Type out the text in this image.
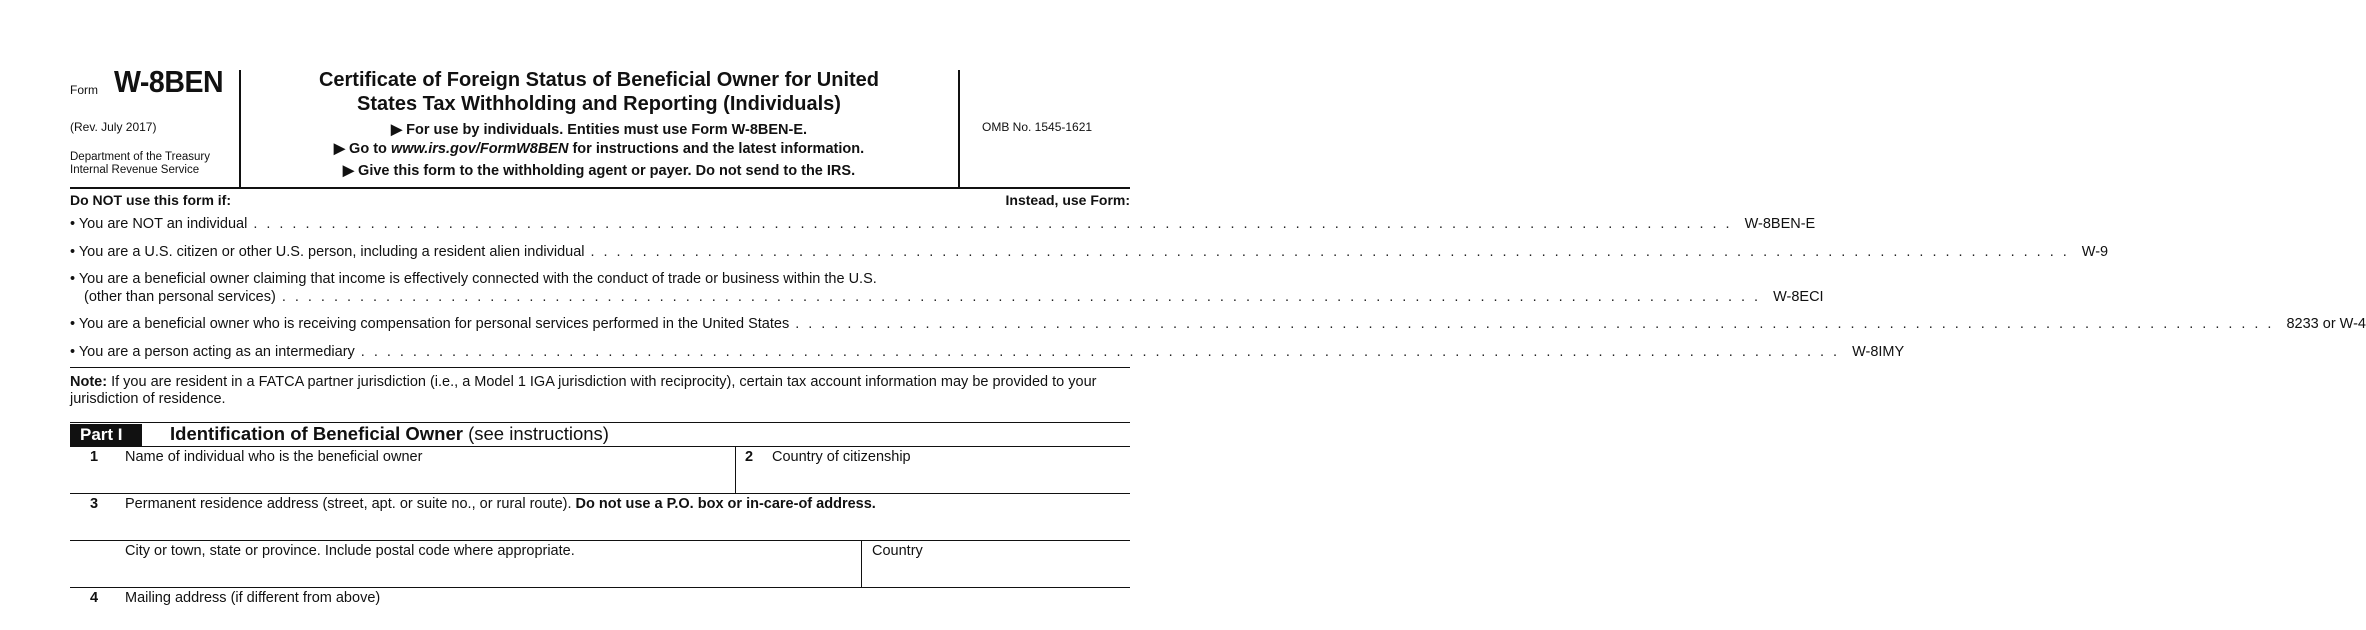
Form W-8BEN
(Rev. July 2017)
Department of the Treasury
Internal Revenue Service
Certificate of Foreign Status of Beneficial Owner for United
States Tax Withholding and Reporting (Individuals)
▶ For use by individuals. Entities must use Form W-8BEN-E.
▶ Go to www.irs.gov/FormW8BEN for instructions and the latest information.
▶ Give this form to the withholding agent or payer. Do not send to the IRS.
OMB No. 1545-1621
Do NOT use this form if:	Instead, use Form:
• You are NOT an individual .................................................................................................................. W-8BEN-E
• You are a U.S. citizen or other U.S. person, including a resident alien individual .................................................................................................................. W-9
• You are a beneficial owner claiming that income is effectively connected with the conduct of trade or business within the U.S.
(other than personal services) .................................................................................................................. W-8ECI
• You are a beneficial owner who is receiving compensation for personal services performed in the United States .................................................................................................................. 8233 or W-4
• You are a person acting as an intermediary .................................................................................................................. W-8IMY
Note: If you are resident in a FATCA partner jurisdiction (i.e., a Model 1 IGA jurisdiction with reciprocity), certain tax account information may be provided to your jurisdiction of residence.
Part I	Identification of Beneficial Owner (see instructions)
1 Name of individual who is the beneficial owner	2 Country of citizenship
3 Permanent residence address (street, apt. or suite no., or rural route). Do not use a P.O. box or in-care-of address.
City or town, state or province. Include postal code where appropriate.	Country
4 Mailing address (if different from above)
